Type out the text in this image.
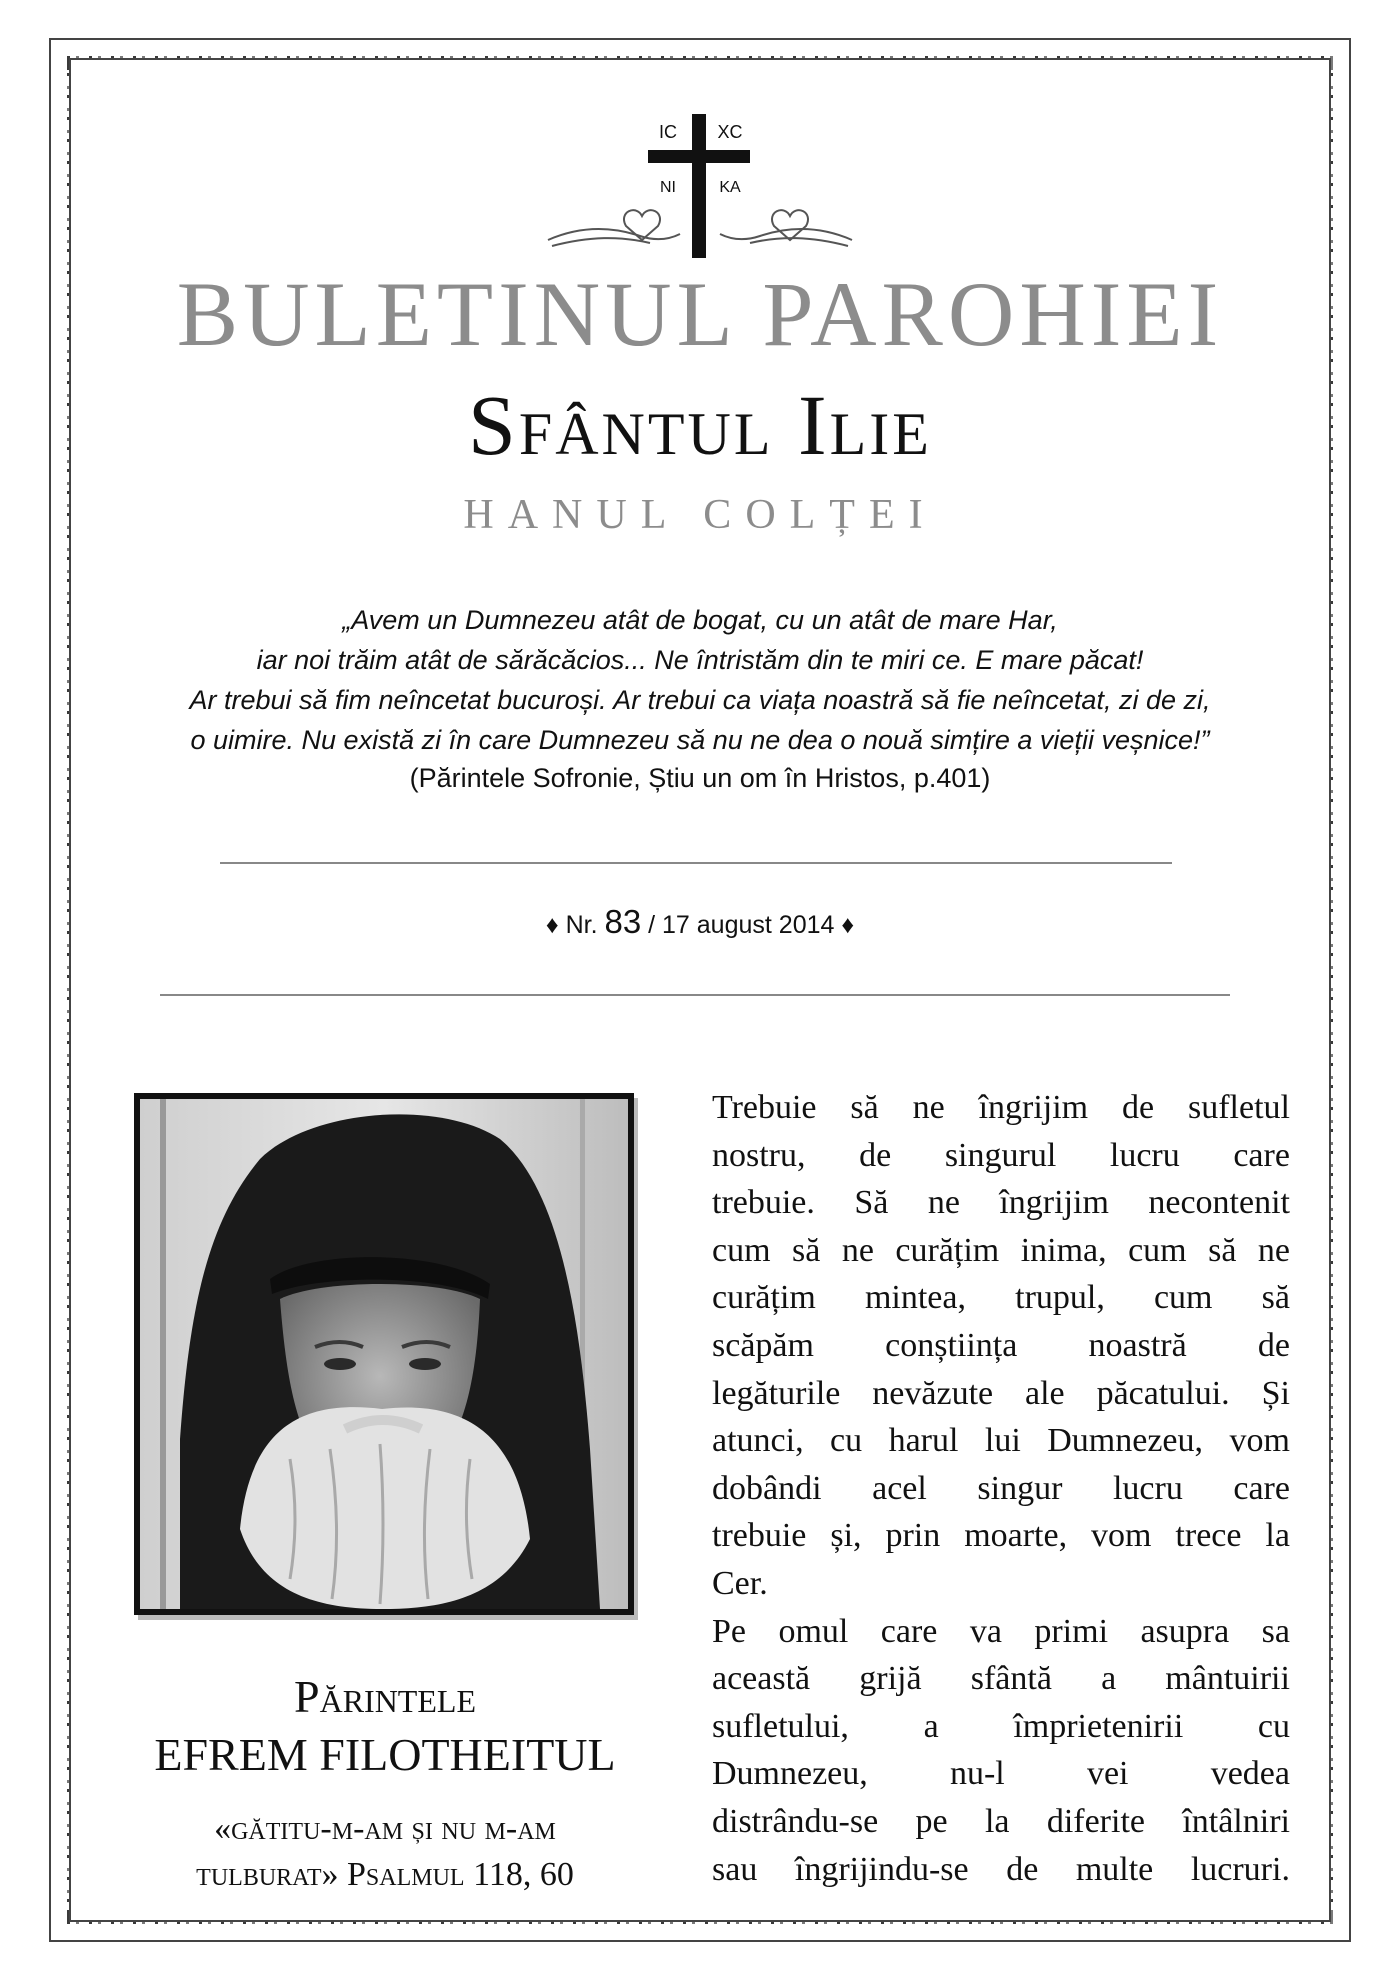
IC XC
NI	KA
BULETINUL PAROHIEI
Sfântul Ilie
HANUL COLȚEI
„Avem un Dumnezeu atât de bogat, cu un atât de mare Har,
iar noi trăim atât de sărăcăcios... Ne întristăm din te miri ce. E mare păcat!
Ar trebui să fim neîncetat bucuroși. Ar trebui ca viața noastră să fie neîncetat, zi de zi,
o uimire. Nu există zi în care Dumnezeu să nu ne dea o nouă simțire a vieții veșnice!”
(Părintele Sofronie, Știu un om în Hristos, p.401)
♦ Nr. 83 / 17 august 2014 ♦
Părintele
EFREM FILOTHEITUL
«gătitu-m-am și nu m-am
tulburat» Psalmul 118, 60
Trebuie să ne îngrijim de sufletul
nostru, de singurul lucru care
trebuie. Să ne îngrijim necontenit
cum să ne curățim inima, cum să ne
curățim mintea, trupul, cum să
scăpăm conștiința noastră de
legăturile nevăzute ale păcatului. Și
atunci, cu harul lui Dumnezeu, vom
dobândi acel singur lucru care
trebuie și, prin moarte, vom trece la
Cer.
Pe omul care va primi asupra sa
această grijă sfântă a mântuirii
sufletului, a împrietenirii cu
Dumnezeu, nu-l vei vedea
distrându-se pe la diferite întâlniri
sau îngrijindu-se de multe lucruri.
